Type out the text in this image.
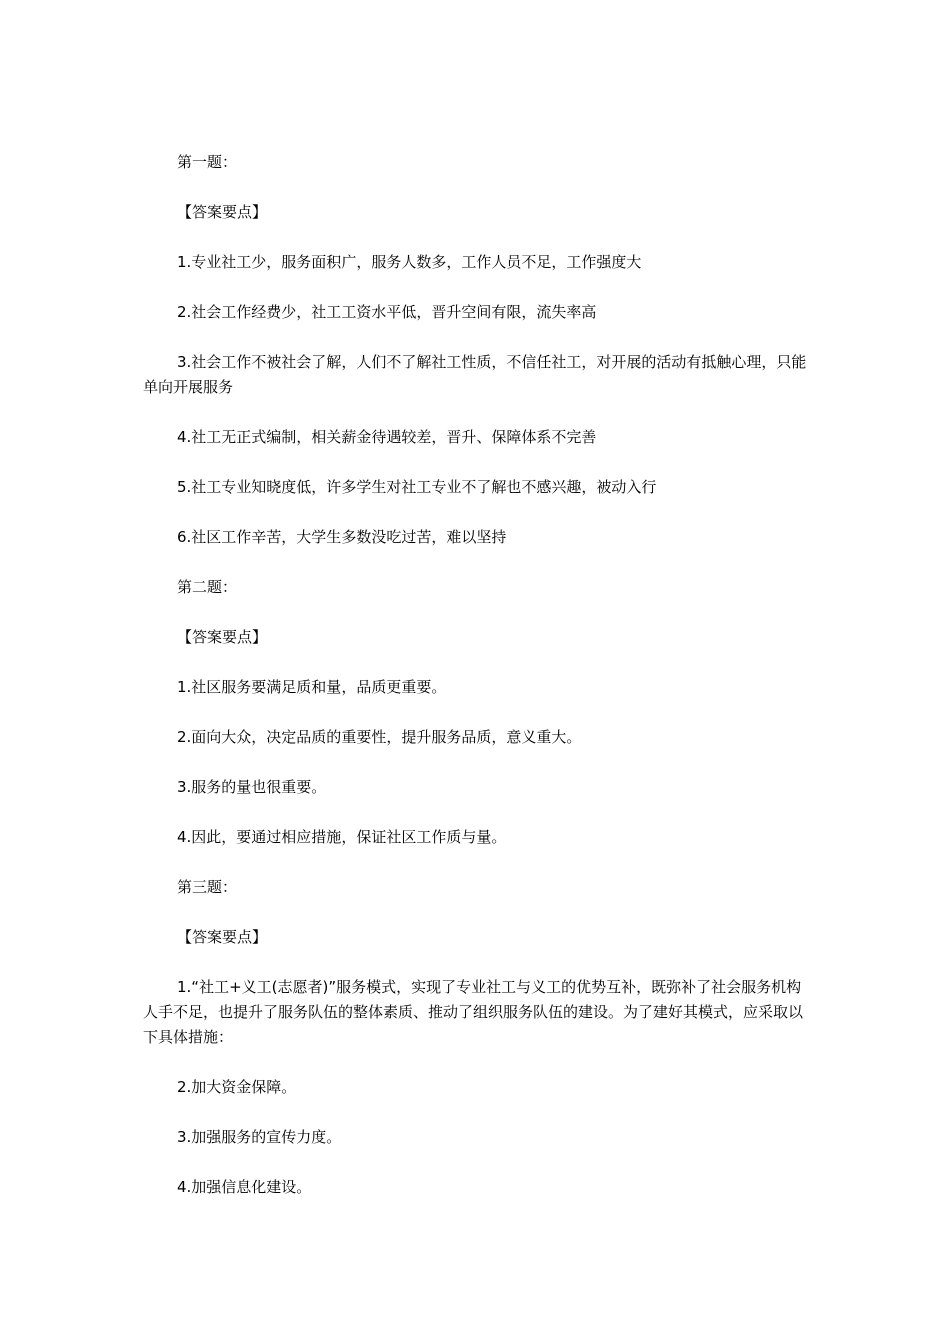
第一题：
【答案要点】
1.专业社工少，服务面积广，服务人数多，工作人员不足，工作强度大
2.社会工作经费少，社工工资水平低，晋升空间有限，流失率高
3.社会工作不被社会了解，人们不了解社工性质，不信任社工，对开展的活动有抵触心理，只能单向开展服务
4.社工无正式编制，相关薪金待遇较差，晋升、保障体系不完善
5.社工专业知晓度低，许多学生对社工专业不了解也不感兴趣，被动入行
6.社区工作辛苦，大学生多数没吃过苦，难以坚持
第二题：
【答案要点】
1.社区服务要满足质和量，品质更重要。
2.面向大众，决定品质的重要性，提升服务品质，意义重大。
3.服务的量也很重要。
4.因此，要通过相应措施，保证社区工作质与量。
第三题：
【答案要点】
1.“社工+义工(志愿者)”服务模式，实现了专业社工与义工的优势互补，既弥补了社会服务机构人手不足，也提升了服务队伍的整体素质、推动了组织服务队伍的建设。为了建好其模式，应采取以下具体措施：
2.加大资金保障。
3.加强服务的宣传力度。
4.加强信息化建设。
